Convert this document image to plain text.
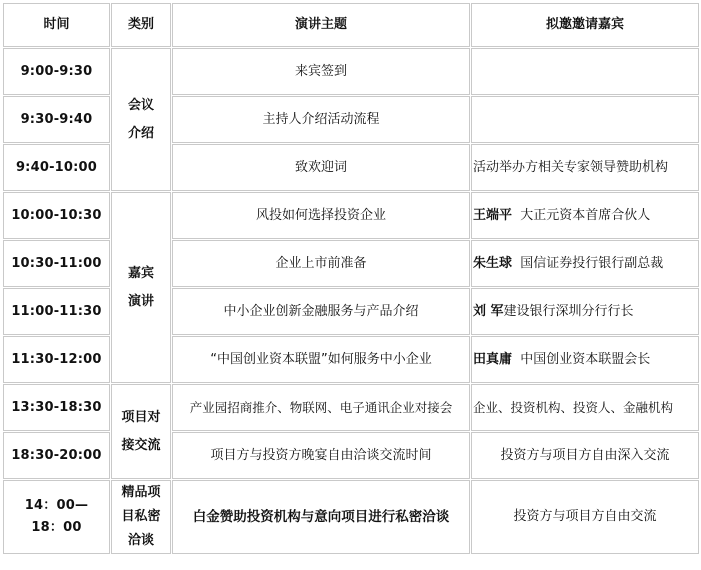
时间	类别	演讲主题	拟邀邀请嘉宾
9:00-9:30	会议介绍	来宾签到	
9:30-9:40		主持人介绍活动流程	
9:40-10:00		致欢迎词	活动举办方相关专家领导赞助机构
10:00-10:30	嘉宾演讲	风投如何选择投资企业	王端平  大正元资本首席合伙人
10:30-11:00		企业上市前准备	朱生球  国信证券投行银行副总裁
11:00-11:30		中小企业创新金融服务与产品介绍	刘 军建设银行深圳分行行长
11:30-12:00		“中国创业资本联盟”如何服务中小企业	田真庸  中国创业资本联盟会长
13:30-18:30	项目对接交流	产业园招商推介、物联网、电子通讯企业对接会	企业、投资机构、投资人、金融机构
18:30-20:00		项目方与投资方晚宴自由洽谈交流时间	投资方与项目方自由深入交流
14：00—18：00	精品项目私密洽谈	白金赞助投资机构与意向项目进行私密洽谈	投资方与项目方自由交流
